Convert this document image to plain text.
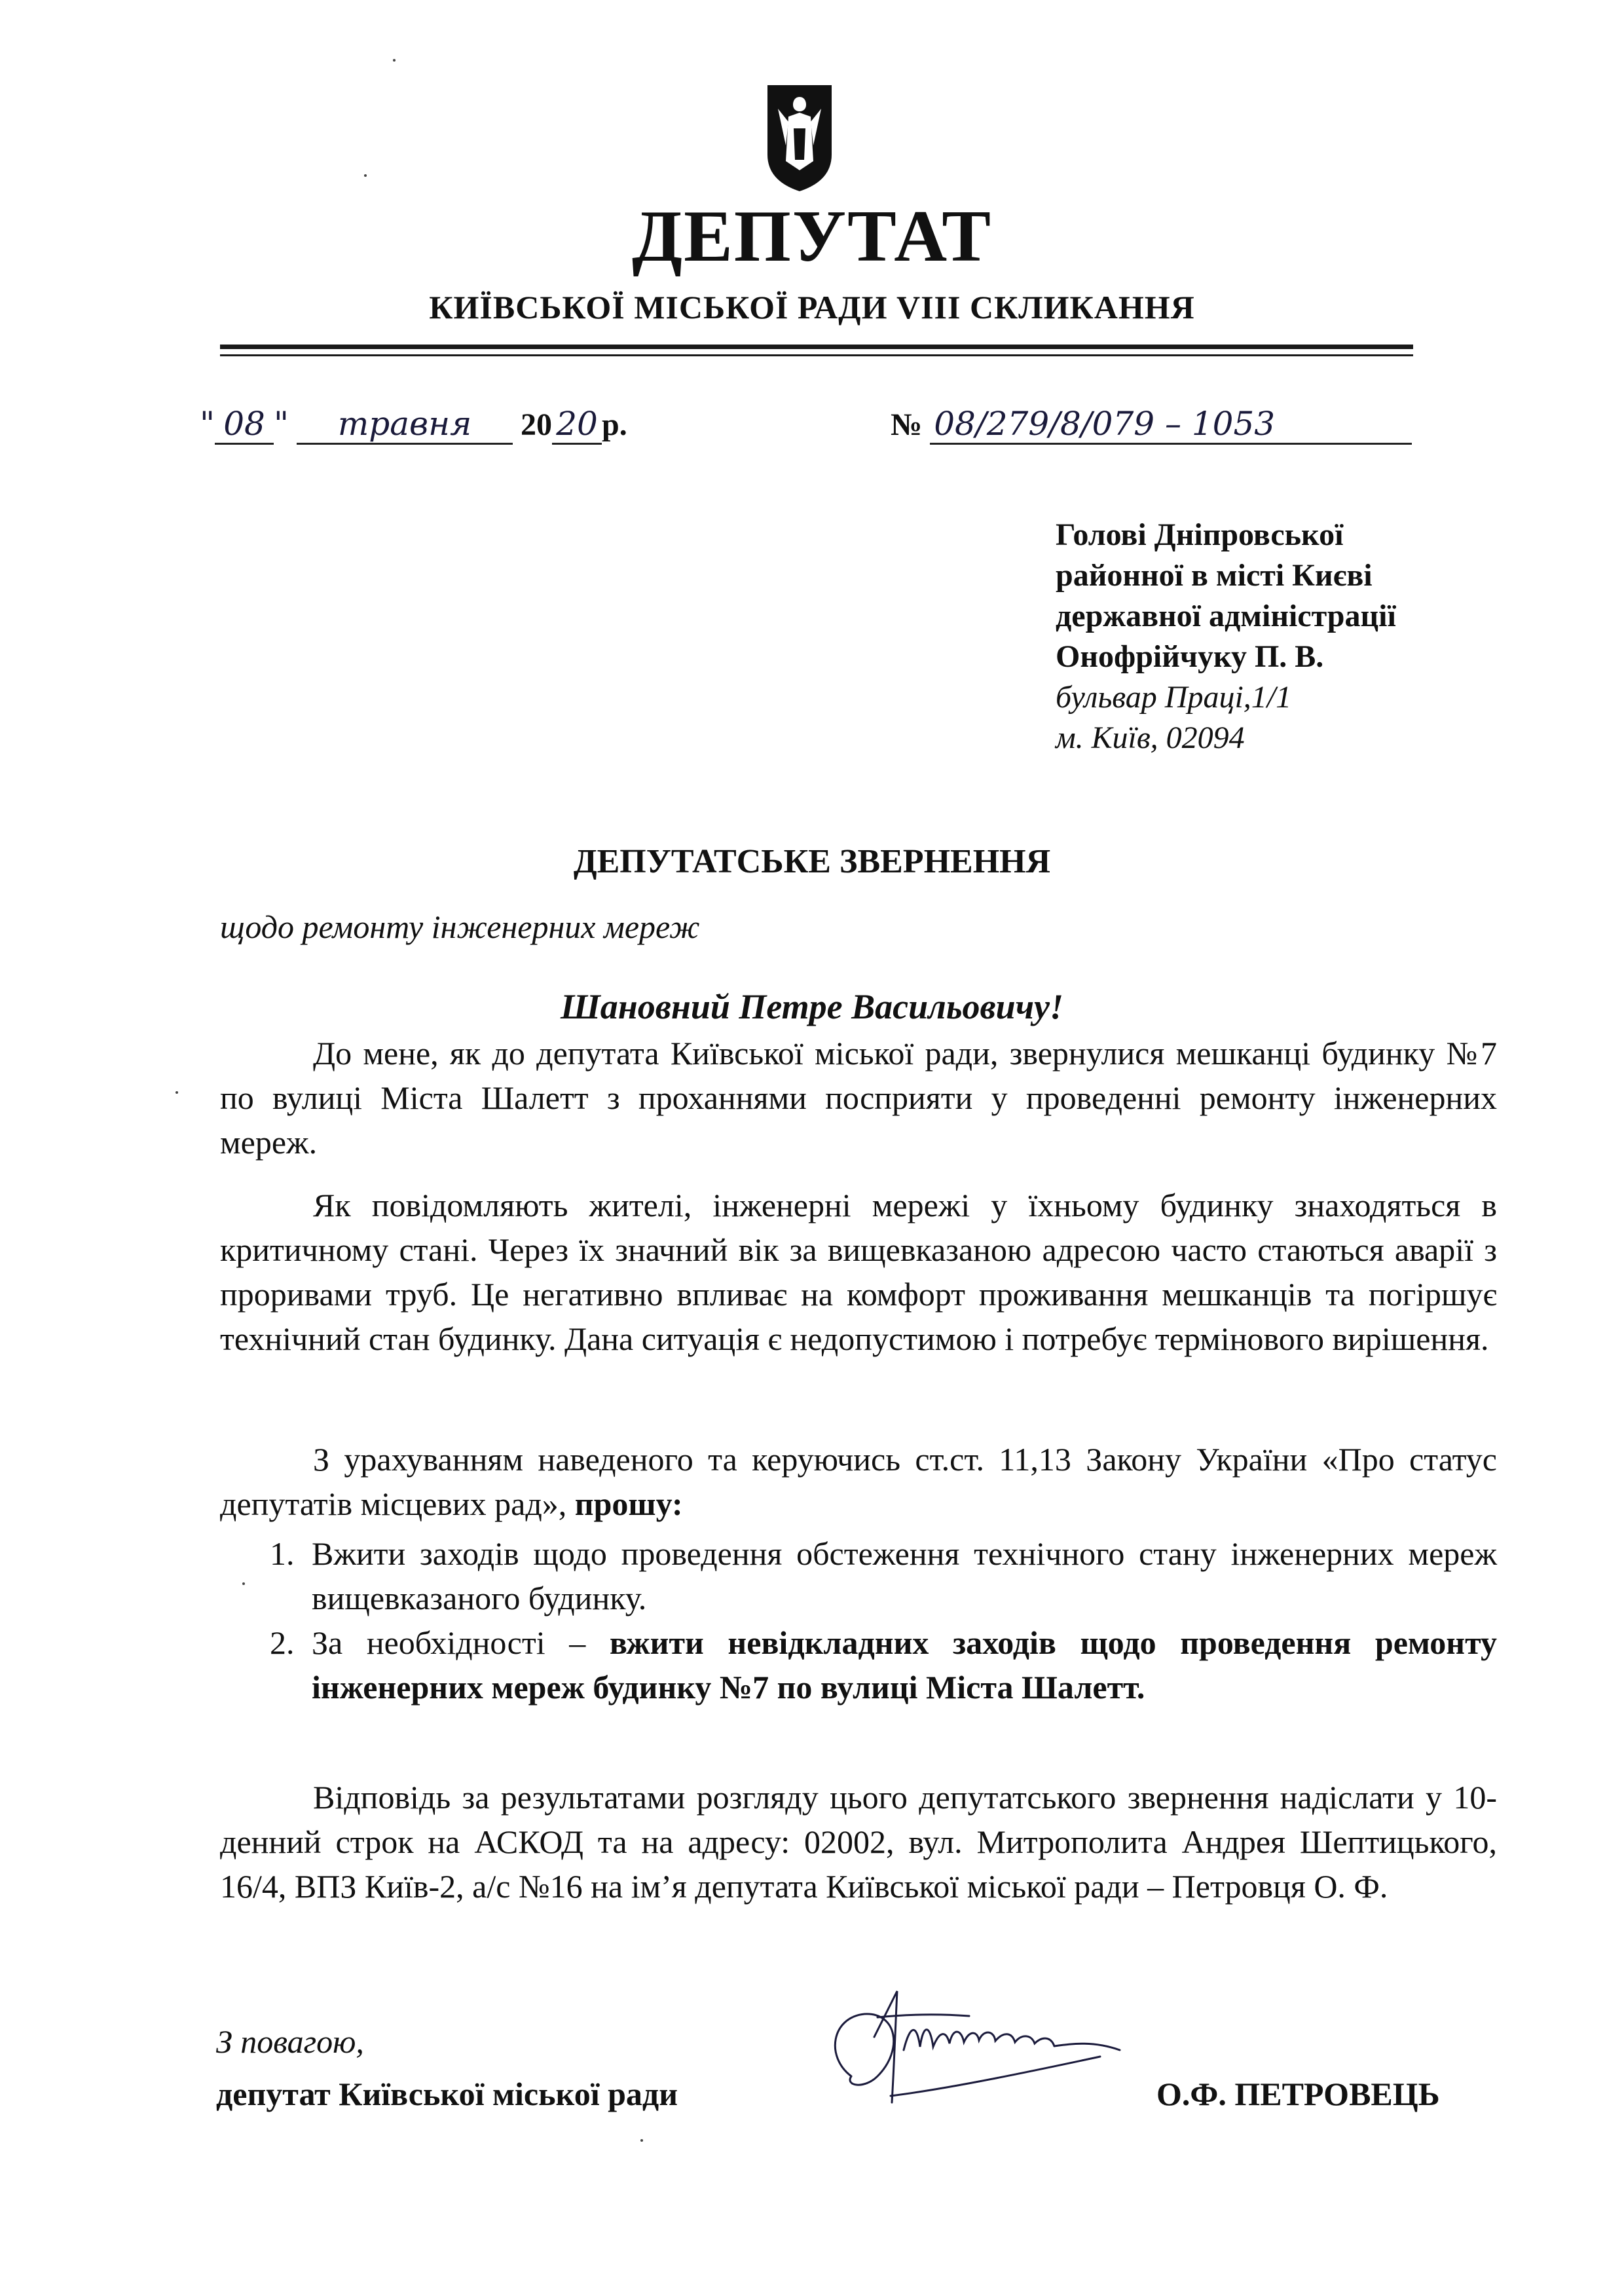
ДЕПУТАТ
КИЇВСЬКОЇ МІСЬКОЇ РАДИ VIII СКЛИКАННЯ
" 08 " травня 20 20 р.	№ 08/279/8/079 – 1053
Голові Дніпровської
районної в місті Києві
державної адміністрації
Онофрійчуку П. В.
бульвар Праці,1/1
м. Київ, 02094
ДЕПУТАТСЬКЕ ЗВЕРНЕННЯ
щодо ремонту інженерних мереж
Шановний Петре Васильовичу!
До мене, як до депутата Київської міської ради, звернулися мешканці будинку №7 по вулиці Міста Шалетт з проханнями посприяти у проведенні ремонту інженерних мереж.
Як повідомляють жителі, інженерні мережі у їхньому будинку знаходяться в критичному стані. Через їх значний вік за вищевказаною адресою часто стаються аварії з проривами труб. Це негативно впливає на комфорт проживання мешканців та погіршує технічний стан будинку. Дана ситуація є недопустимою і потребує термінового вирішення.
З урахуванням наведеного та керуючись ст.ст. 11,13 Закону України «Про статус депутатів місцевих рад», прошу:
1. Вжити заходів щодо проведення обстеження технічного стану інженерних мереж вищевказаного будинку.
2. За необхідності – вжити невідкладних заходів щодо проведення ремонту інженерних мереж будинку №7 по вулиці Міста Шалетт.
Відповідь за результатами розгляду цього депутатського звернення надіслати у 10-денний строк на АСКОД та на адресу: 02002, вул. Митрополита Андрея Шептицького, 16/4, ВПЗ Київ-2, а/с №16 на ім’я депутата Київської міської ради – Петровця О. Ф.
З повагою,
депутат Київської міської ради	О.Ф. ПЕТРОВЕЦЬ
